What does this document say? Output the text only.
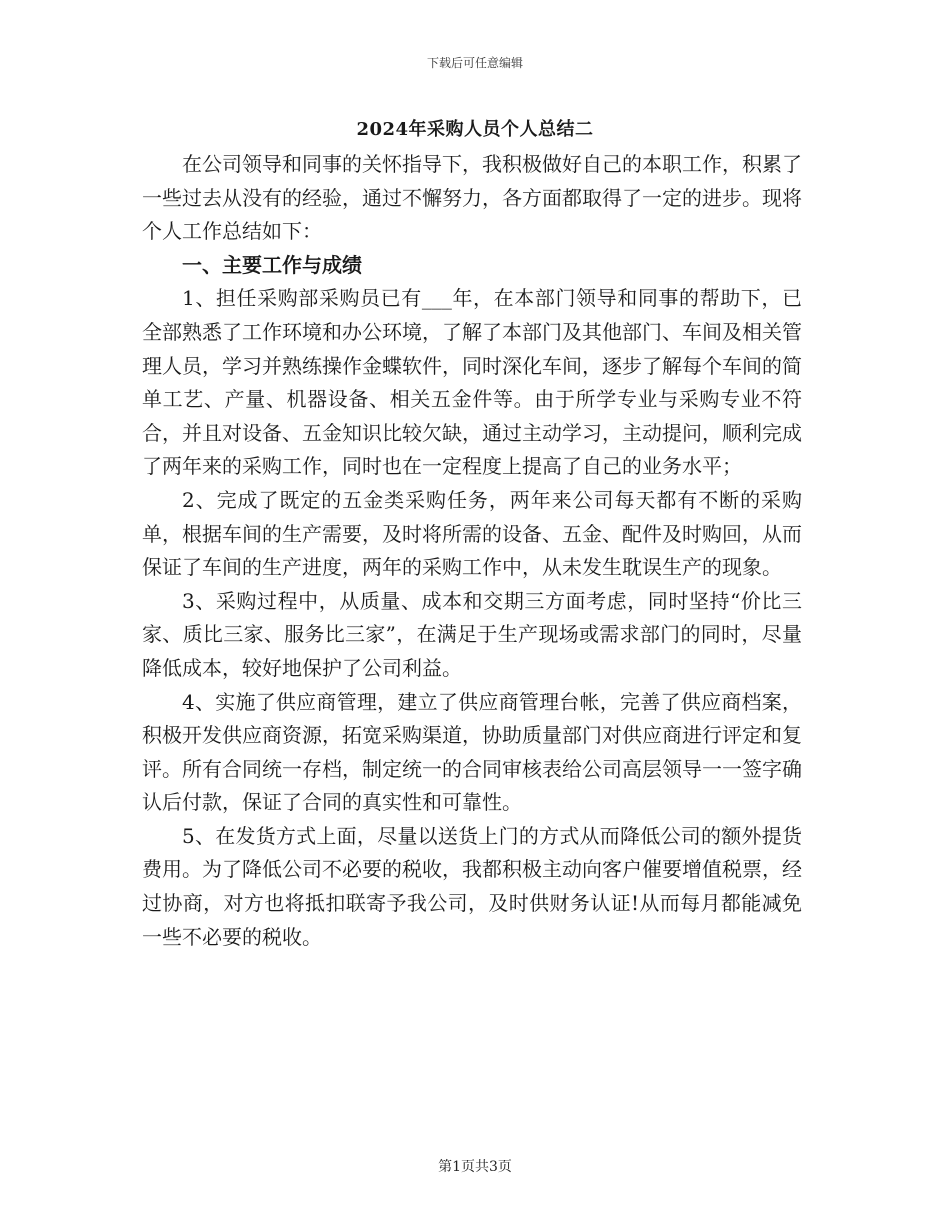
下载后可任意编辑
2024年采购人员个人总结二

在公司领导和同事的关怀指导下，我积极做好自己的本职工作，积累了一些过去从没有的经验，通过不懈努力，各方面都取得了一定的进步。现将个人工作总结如下：

一、主要工作与成绩

1、担任采购部采购员已有___年，在本部门领导和同事的帮助下，已全部熟悉了工作环境和办公环境，了解了本部门及其他部门、车间及相关管理人员，学习并熟练操作金蝶软件，同时深化车间，逐步了解每个车间的简单工艺、产量、机器设备、相关五金件等。由于所学专业与采购专业不符合，并且对设备、五金知识比较欠缺，通过主动学习，主动提问，顺利完成了两年来的采购工作，同时也在一定程度上提高了自己的业务水平；

2、完成了既定的五金类采购任务，两年来公司每天都有不断的采购单，根据车间的生产需要，及时将所需的设备、五金、配件及时购回，从而保证了车间的生产进度，两年的采购工作中，从未发生耽误生产的现象。

3、采购过程中，从质量、成本和交期三方面考虑，同时坚持“价比三家、质比三家、服务比三家”，在满足于生产现场或需求部门的同时，尽量降低成本，较好地保护了公司利益。

4、实施了供应商管理，建立了供应商管理台帐，完善了供应商档案，积极开发供应商资源，拓宽采购渠道，协助质量部门对供应商进行评定和复评。所有合同统一存档，制定统一的合同审核表给公司高层领导一一签字确认后付款，保证了合同的真实性和可靠性。

5、在发货方式上面，尽量以送货上门的方式从而降低公司的额外提货费用。为了降低公司不必要的税收，我都积极主动向客户催要增值税票，经过协商，对方也将抵扣联寄予我公司，及时供财务认证!从而每月都能减免一些不必要的税收。

第1页共3页
